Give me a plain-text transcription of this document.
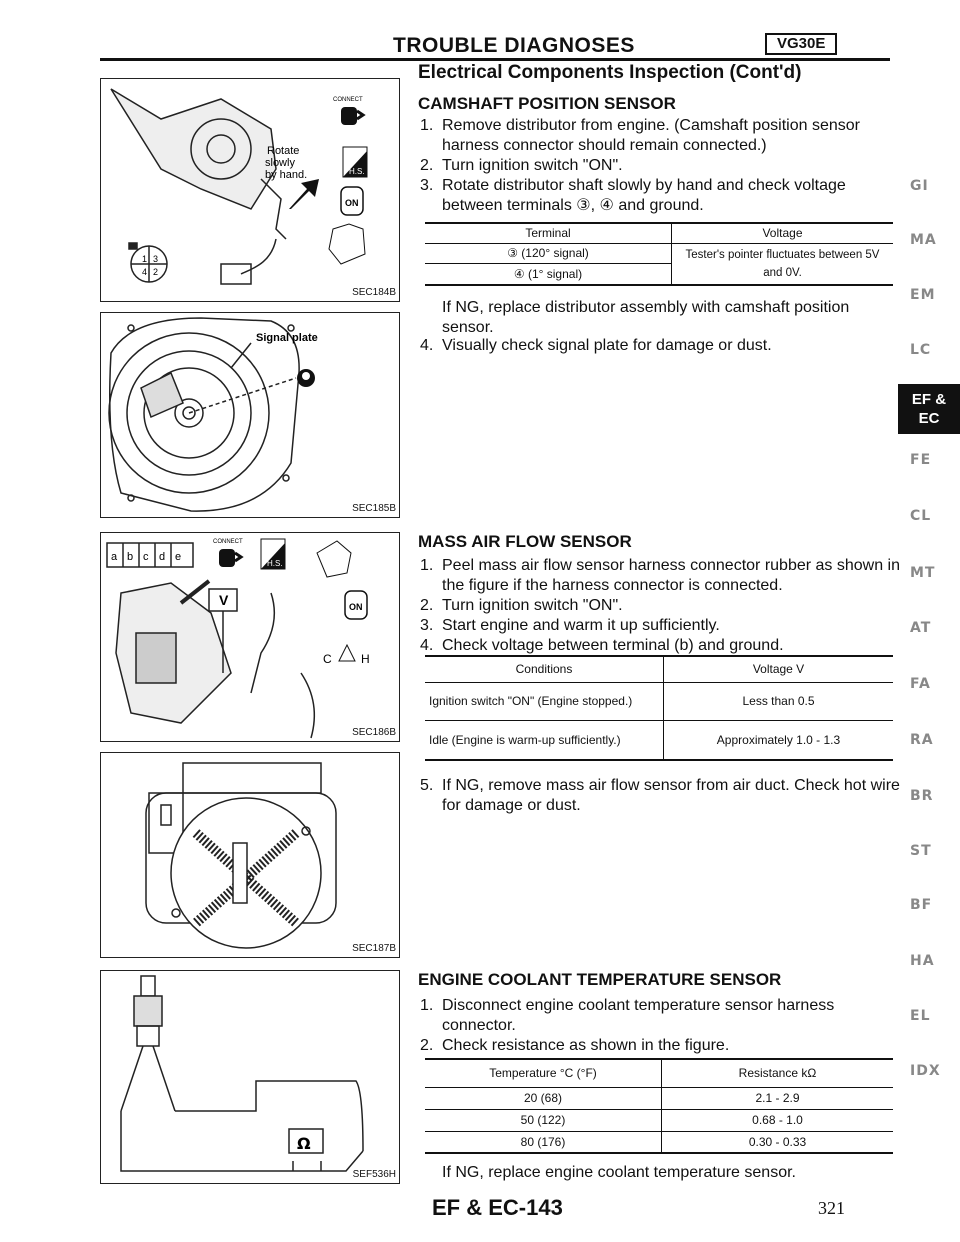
TROUBLE DIAGNOSES	VG30E
Electrical Components Inspection (Cont'd)
CAMSHAFT POSITION SENSOR
1. Remove distributor from engine. (Camshaft position sensor harness connector should remain connected.)
2. Turn ignition switch "ON".
3. Rotate distributor shaft slowly by hand and check voltage between terminals ③, ④ and ground.
Terminal	Voltage
③ (120° signal)	Tester's pointer fluctuates between 5V and 0V.
④ (1° signal)	
If NG, replace distributor assembly with camshaft position sensor.
4. Visually check signal plate for damage or dust.
MASS AIR FLOW SENSOR
1. Peel mass air flow sensor harness connector rubber as shown in the figure if the harness connector is connected.
2. Turn ignition switch "ON".
3. Start engine and warm it up sufficiently.
4. Check voltage between terminal (b) and ground.
Conditions	Voltage V
Ignition switch "ON" (Engine stopped.)	Less than 0.5
Idle (Engine is warm-up sufficiently.)	Approximately 1.0 - 1.3
5. If NG, remove mass air flow sensor from air duct. Check hot wire for damage or dust.
ENGINE COOLANT TEMPERATURE SENSOR
1. Disconnect engine coolant temperature sensor harness connector.
2. Check resistance as shown in the figure.
Temperature °C (°F)	Resistance kΩ
20 (68)	2.1 - 2.9
50 (122)	0.68 - 1.0
80 (176)	0.30 - 0.33
If NG, replace engine coolant temperature sensor.
CONNECT
Rotate slowly by hand.	H.S.
ON
1 3
4 2
SEC184B
Signal plate
SEC185B
a b c d e
V
CONNECT
H.S.
ON
C H
SEC186B
SEC187B
Ω
SEF536H
GI
MA
EM
LC
FE
CL
MT
AT
FA
RA
BR
ST
BF
HA
EL
IDX
EF &
EC
EF & EC-143	321
